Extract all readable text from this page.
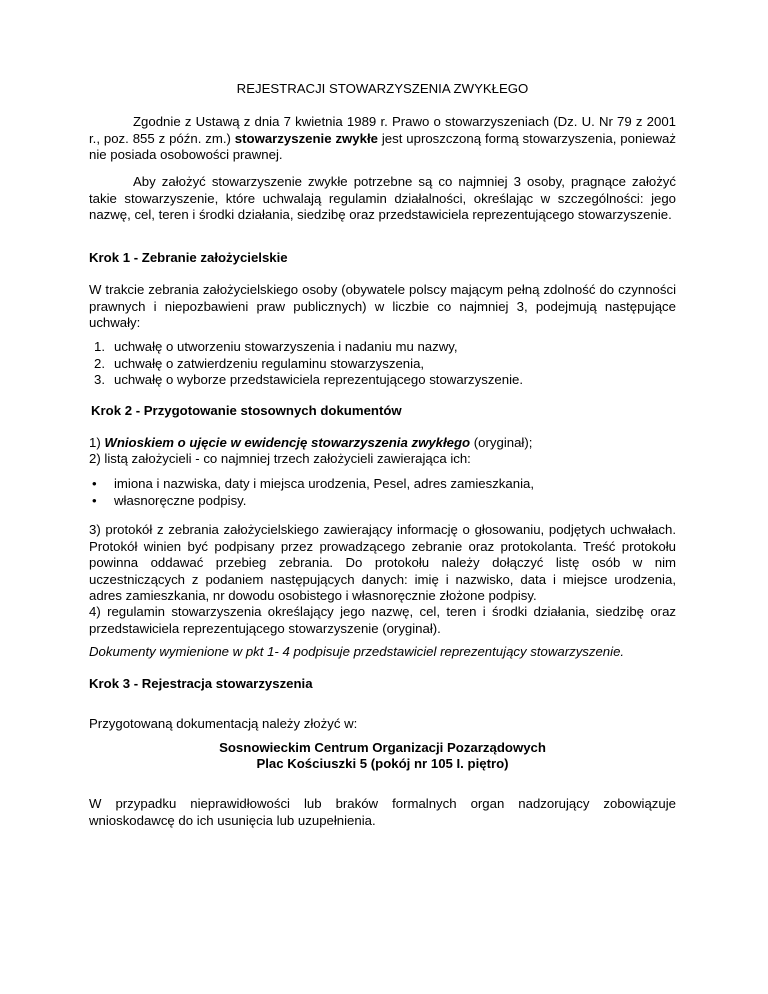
REJESTRACJI STOWARZYSZENIA ZWYKŁEGO
Zgodnie z Ustawą z dnia 7 kwietnia 1989 r. Prawo o stowarzyszeniach (Dz. U. Nr 79 z 2001 r., poz. 855 z późn. zm.) stowarzyszenie zwykłe jest uproszczoną formą stowarzyszenia, ponieważ nie posiada osobowości prawnej.
Aby założyć stowarzyszenie zwykłe potrzebne są co najmniej 3 osoby, pragnące założyć takie stowarzyszenie, które uchwalają regulamin działalności, określając w szczególności: jego nazwę, cel, teren i środki działania, siedzibę oraz przedstawiciela reprezentującego stowarzyszenie.
Krok 1 - Zebranie założycielskie
W trakcie zebrania założycielskiego osoby (obywatele polscy mającym pełną zdolność do czynności prawnych i niepozbawieni praw publicznych) w liczbie co najmniej 3, podejmują następujące uchwały:
1. uchwałę o utworzeniu stowarzyszenia i nadaniu mu nazwy,
2. uchwałę o zatwierdzeniu regulaminu stowarzyszenia,
3. uchwałę o wyborze przedstawiciela reprezentującego stowarzyszenie.
Krok 2 - Przygotowanie stosownych dokumentów
1) Wnioskiem o ujęcie w ewidencję stowarzyszenia zwykłego (oryginał);
2) listą założycieli - co najmniej trzech założycieli zawierająca ich:
• imiona i nazwiska, daty i miejsca urodzenia, Pesel, adres zamieszkania,
• własnoręczne podpisy.
3) protokół z zebrania założycielskiego zawierający informację o głosowaniu, podjętych uchwałach. Protokół winien być podpisany przez prowadzącego zebranie oraz protokolanta. Treść protokołu powinna oddawać przebieg zebrania. Do protokołu należy dołączyć listę osób w nim uczestniczących z podaniem następujących danych: imię i nazwisko, data i miejsce urodzenia, adres zamieszkania, nr dowodu osobistego i własnoręcznie złożone podpisy.
4) regulamin stowarzyszenia określający jego nazwę, cel, teren i środki działania, siedzibę oraz przedstawiciela reprezentującego stowarzyszenie (oryginał).
Dokumenty wymienione w pkt 1- 4 podpisuje przedstawiciel reprezentujący stowarzyszenie.
Krok 3 - Rejestracja stowarzyszenia
Przygotowaną dokumentacją należy złożyć w:
Sosnowieckim Centrum Organizacji Pozarządowych
Plac Kościuszki 5 (pokój nr 105 I. piętro)
W przypadku nieprawidłowości lub braków formalnych organ nadzorujący zobowiązuje wnioskodawcę do ich usunięcia lub uzupełnienia.
